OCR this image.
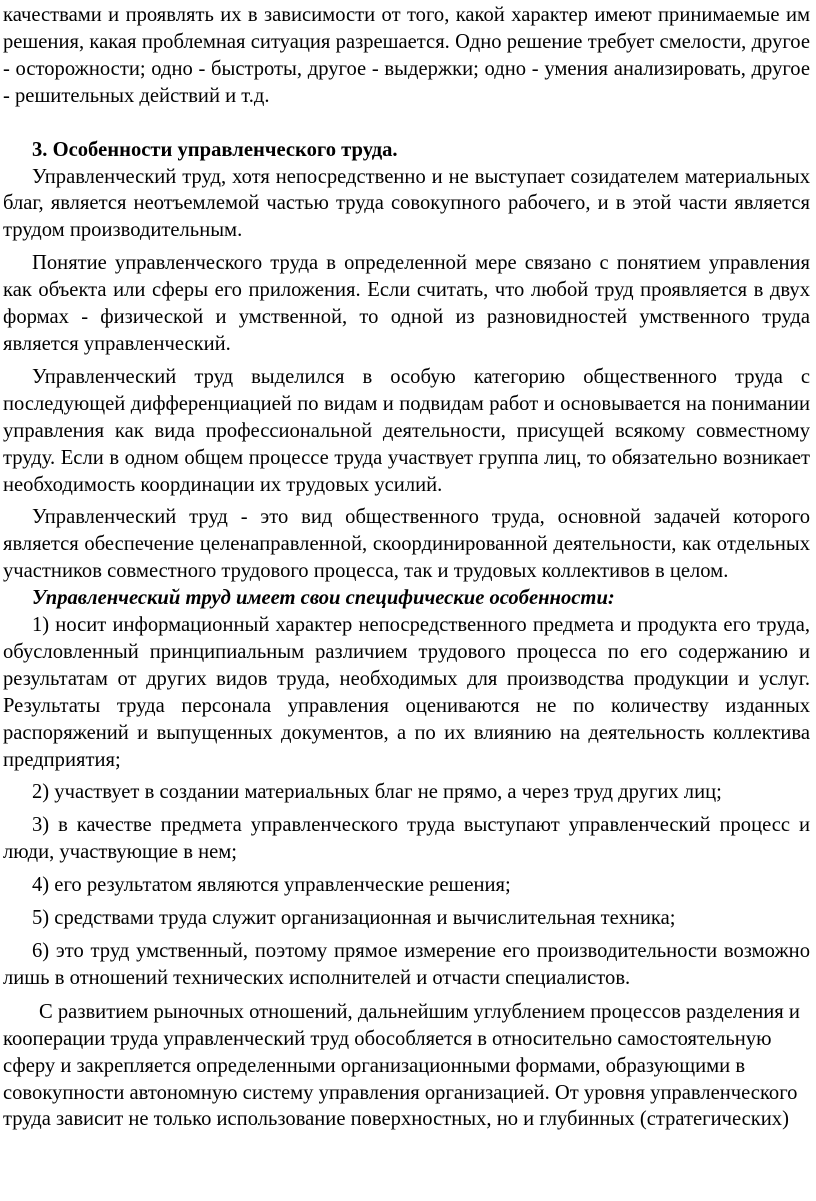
качествами и проявлять их в зависимости от того, какой характер имеют принимаемые им решения, какая проблемная ситуация разрешается. Одно решение требует смелости, другое - осторожности; одно - быстроты, другое - выдержки; одно - умения анализировать, другое - решительных действий и т.д.

3. Особенности управленческого труда.

Управленческий труд, хотя непосредственно и не выступает созидателем материальных благ, является неотъемлемой частью труда совокупного рабочего, и в этой части является трудом производительным.

Понятие управленческого труда в определенной мере связано с понятием управления как объекта или сферы его приложения. Если считать, что любой труд проявляется в двух формах - физической и умственной, то одной из разновидностей умственного труда является управленческий.

Управленческий труд выделился в особую категорию общественного труда с последующей дифференциацией по видам и подвидам работ и основывается на понимании управления как вида профессиональной деятельности, присущей всякому совместному труду. Если в одном общем процессе труда участвует группа лиц, то обязательно возникает необходимость координации их трудовых усилий.

Управленческий труд - это вид общественного труда, основной задачей которого является обеспечение целенаправленной, скоординированной деятельности, как отдельных участников совместного трудового процесса, так и трудовых коллективов в целом.

Управленческий труд имеет свои специфические особенности:

1) носит информационный характер непосредственного предмета и продукта его труда, обусловленный принципиальным различием трудового процесса по его содержанию и результатам от других видов труда, необходимых для производства продукции и услуг. Результаты труда персонала управления оцениваются не по количеству изданных распоряжений и выпущенных документов, а по их влиянию на деятельность коллектива предприятия;

2) участвует в создании материальных благ не прямо, а через труд других лиц;

3) в качестве предмета управленческого труда выступают управленческий процесс и люди, участвующие в нем;

4) его результатом являются управленческие решения;

5) средствами труда служит организационная и вычислительная техника;

6) это труд умственный, поэтому прямое измерение его производительности возможно лишь в отношений технических исполнителей и отчасти специалистов.

С развитием рыночных отношений, дальнейшим углублением процессов разделения и кооперации труда управленческий труд обособляется в относительно самостоятельную сферу и закрепляется определенными организационными формами, образующими в совокупности автономную систему управления организацией. От уровня управленческого труда зависит не только использование поверхностных, но и глубинных (стратегических)
